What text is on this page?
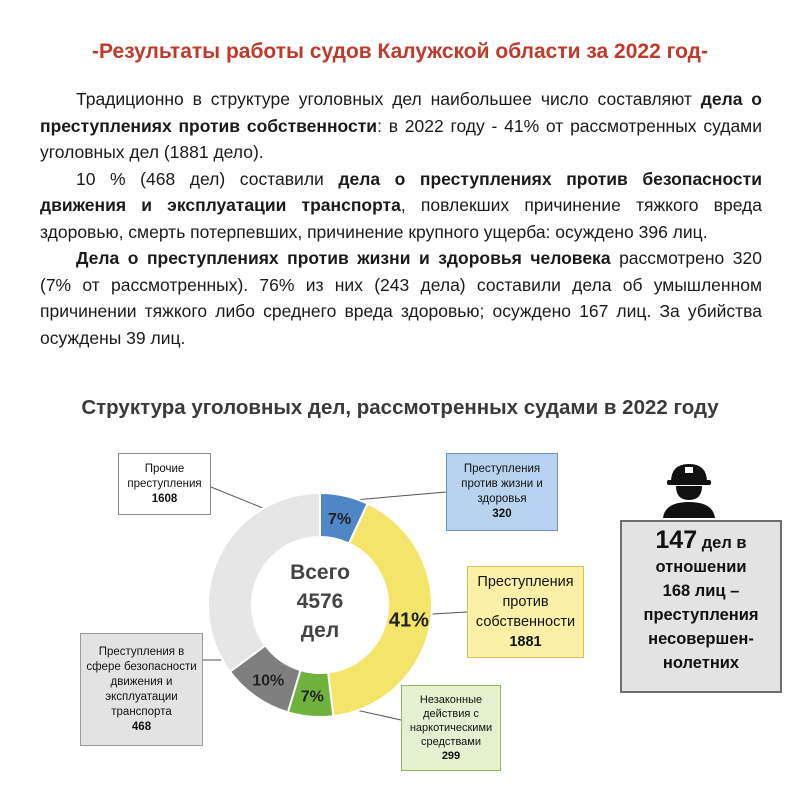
-Результаты работы судов Калужской области за 2022 год-

Традиционно в структуре уголовных дел наибольшее число составляют дела о преступлениях против собственности: в 2022 году - 41% от рассмотренных судами уголовных дел (1881 дело).

10 % (468 дел) составили дела о преступлениях против безопасности движения и эксплуатации транспорта, повлекших причинение тяжкого вреда здоровью, смерть потерпевших, причинение крупного ущерба: осуждено 396 лиц.

Дела о преступлениях против жизни и здоровья человека рассмотрено 320 (7% от рассмотренных). 76% из них (243 дела) составили дела об умышленном причинении тяжкого либо среднего вреда здоровью; осуждено 167 лиц. За убийства осуждены 39 лиц.

Структура уголовных дел, рассмотренных судами в 2022 году
7%
41%
7%
10%
Всего
4576
дел
Прочие преступления
1608
Преступления против жизни и здоровья
320
Преступления против собственности
1881
Преступления в сфере безопасности движения и эксплуатации транспорта
468
Незаконные действия с наркотическими средствами
299
147 дел в
отношении
168 лиц –
преступления
несовершен-
нолетних
